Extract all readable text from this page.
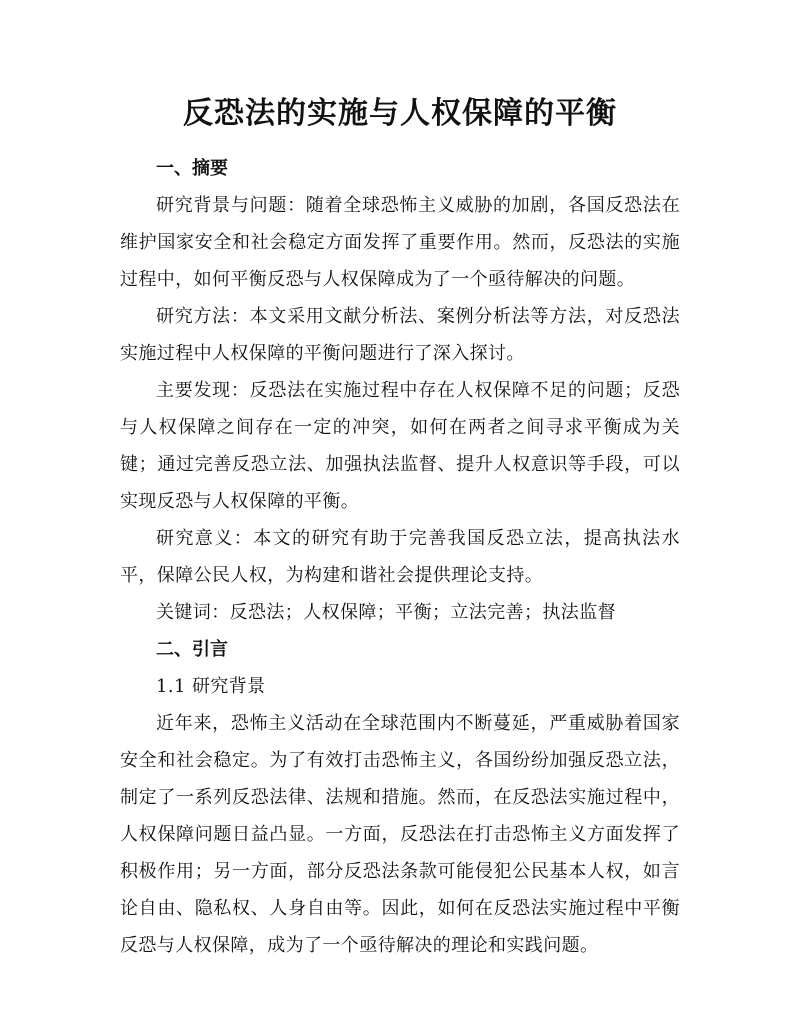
反恐法的实施与人权保障的平衡
一、摘要

研究背景与问题：随着全球恐怖主义威胁的加剧，各国反恐法在维护国家安全和社会稳定方面发挥了重要作用。然而，反恐法的实施过程中，如何平衡反恐与人权保障成为了一个亟待解决的问题。

研究方法：本文采用文献分析法、案例分析法等方法，对反恐法实施过程中人权保障的平衡问题进行了深入探讨。

主要发现：反恐法在实施过程中存在人权保障不足的问题；反恐与人权保障之间存在一定的冲突，如何在两者之间寻求平衡成为关键；通过完善反恐立法、加强执法监督、提升人权意识等手段，可以实现反恐与人权保障的平衡。

研究意义：本文的研究有助于完善我国反恐立法，提高执法水平，保障公民人权，为构建和谐社会提供理论支持。

关键词：反恐法；人权保障；平衡；立法完善；执法监督

二、引言

1.1 研究背景

近年来，恐怖主义活动在全球范围内不断蔓延，严重威胁着国家安全和社会稳定。为了有效打击恐怖主义，各国纷纷加强反恐立法，制定了一系列反恐法律、法规和措施。然而，在反恐法实施过程中，人权保障问题日益凸显。一方面，反恐法在打击恐怖主义方面发挥了积极作用；另一方面，部分反恐法条款可能侵犯公民基本人权，如言论自由、隐私权、人身自由等。因此，如何在反恐法实施过程中平衡反恐与人权保障，成为了一个亟待解决的理论和实践问题。
